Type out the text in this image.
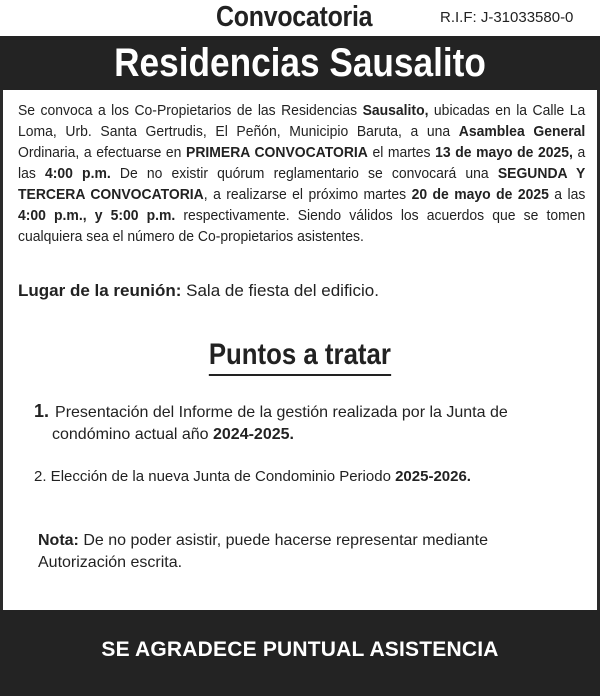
Convocatoria	R.I.F: J-31033580-0
Residencias Sausalito
Se convoca a los Co-Propietarios de las Residencias Sausalito, ubicadas en la Calle La Loma, Urb. Santa Gertrudis, El Peñón, Municipio Baruta, a una Asamblea General Ordinaria, a efectuarse en PRIMERA CONVOCATORIA el martes 13 de mayo de 2025, a las 4:00 p.m. De no existir quórum reglamentario se convocará una SEGUNDA Y TERCERA CONVOCATORIA, a realizarse el próximo martes 20 de mayo de 2025 a las 4:00 p.m., y 5:00 p.m. respectivamente. Siendo válidos los acuerdos que se tomen cualquiera sea el número de Co-propietarios asistentes.
Lugar de la reunión: Sala de fiesta del edificio.
Puntos a tratar
1. Presentación del Informe de la gestión realizada por la Junta de
condómino actual año 2024-2025.
2. Elección de la nueva Junta de Condominio Periodo 2025-2026.
Nota: De no poder asistir, puede hacerse representar mediante
Autorización escrita.
SE AGRADECE PUNTUAL ASISTENCIA
